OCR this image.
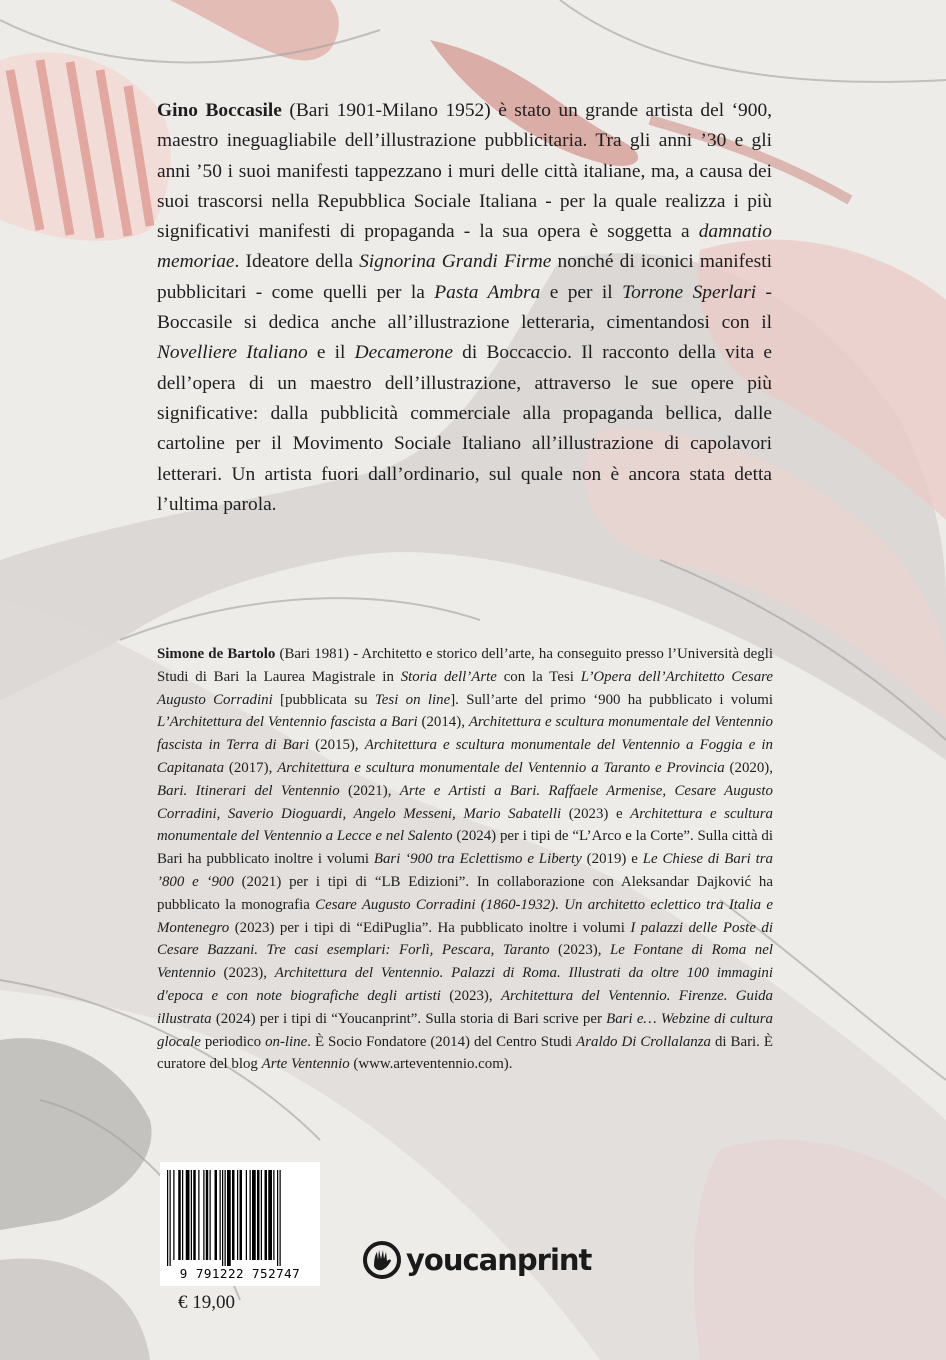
Gino Boccasile (Bari 1901-Milano 1952) è stato un grande artista del ‘900, maestro ineguagliabile dell’illustrazione pubblicitaria. Tra gli anni ’30 e gli anni ’50 i suoi manifesti tappezzano i muri delle città italiane, ma, a causa dei suoi trascorsi nella Repubblica Sociale Italiana - per la quale realizza i più significativi manifesti di propaganda - la sua opera è soggetta a damnatio memoriae. Ideatore della Signorina Grandi Firme nonché di iconici manifesti pubblicitari - come quelli per la Pasta Ambra e per il Torrone Sperlari - Boccasile si dedica anche all’illustrazione letteraria, cimentandosi con il Novelliere Italiano e il Decamerone di Boccaccio. Il racconto della vita e dell’opera di un maestro dell’illustrazione, attraverso le sue opere più significative: dalla pubblicità commerciale alla propaganda bellica, dalle cartoline per il Movimento Sociale Italiano all’illustrazione di capolavori letterari. Un artista fuori dall’ordinario, sul quale non è ancora stata detta l’ultima parola.

Simone de Bartolo (Bari 1981) - Architetto e storico dell’arte, ha conseguito presso l’Università degli Studi di Bari la Laurea Magistrale in Storia dell’Arte con la Tesi L’Opera dell’Architetto Cesare Augusto Corradini [pubblicata su Tesi on line]. Sull’arte del primo ‘900 ha pubblicato i volumi L’Architettura del Ventennio fascista a Bari (2014), Architettura e scultura monumentale del Ventennio fascista in Terra di Bari (2015), Architettura e scultura monumentale del Ventennio a Foggia e in Capitanata (2017), Architettura e scultura monumentale del Ventennio a Taranto e Provincia (2020), Bari. Itinerari del Ventennio (2021), Arte e Artisti a Bari. Raffaele Armenise, Cesare Augusto Corradini, Saverio Dioguardi, Angelo Messeni, Mario Sabatelli (2023) e Architettura e scultura monumentale del Ventennio a Lecce e nel Salento (2024) per i tipi de “L’Arco e la Corte”. Sulla città di Bari ha pubblicato inoltre i volumi Bari ‘900 tra Eclettismo e Liberty (2019) e Le Chiese di Bari tra ’800 e ‘900 (2021) per i tipi di “LB Edizioni”. In collaborazione con Aleksandar Dajković ha pubblicato la monografia Cesare Augusto Corradini (1860-1932). Un architetto eclettico tra Italia e Montenegro (2023) per i tipi di “EdiPuglia”. Ha pubblicato inoltre i volumi I palazzi delle Poste di Cesare Bazzani. Tre casi esemplari: Forlì, Pescara, Taranto (2023), Le Fontane di Roma nel Ventennio (2023), Architettura del Ventennio. Palazzi di Roma. Illustrati da oltre 100 immagini d'epoca e con note biografiche degli artisti (2023), Architettura del Ventennio. Firenze. Guida illustrata (2024) per i tipi di “Youcanprint”. Sulla storia di Bari scrive per Bari e… Webzine di cultura glocale periodico on-line. È Socio Fondatore (2014) del Centro Studi Araldo Di Crollalanza di Bari. È curatore del blog Arte Ventennio (www.arteventennio.com).

9 791222 752747
€ 19,00
youcanprint
